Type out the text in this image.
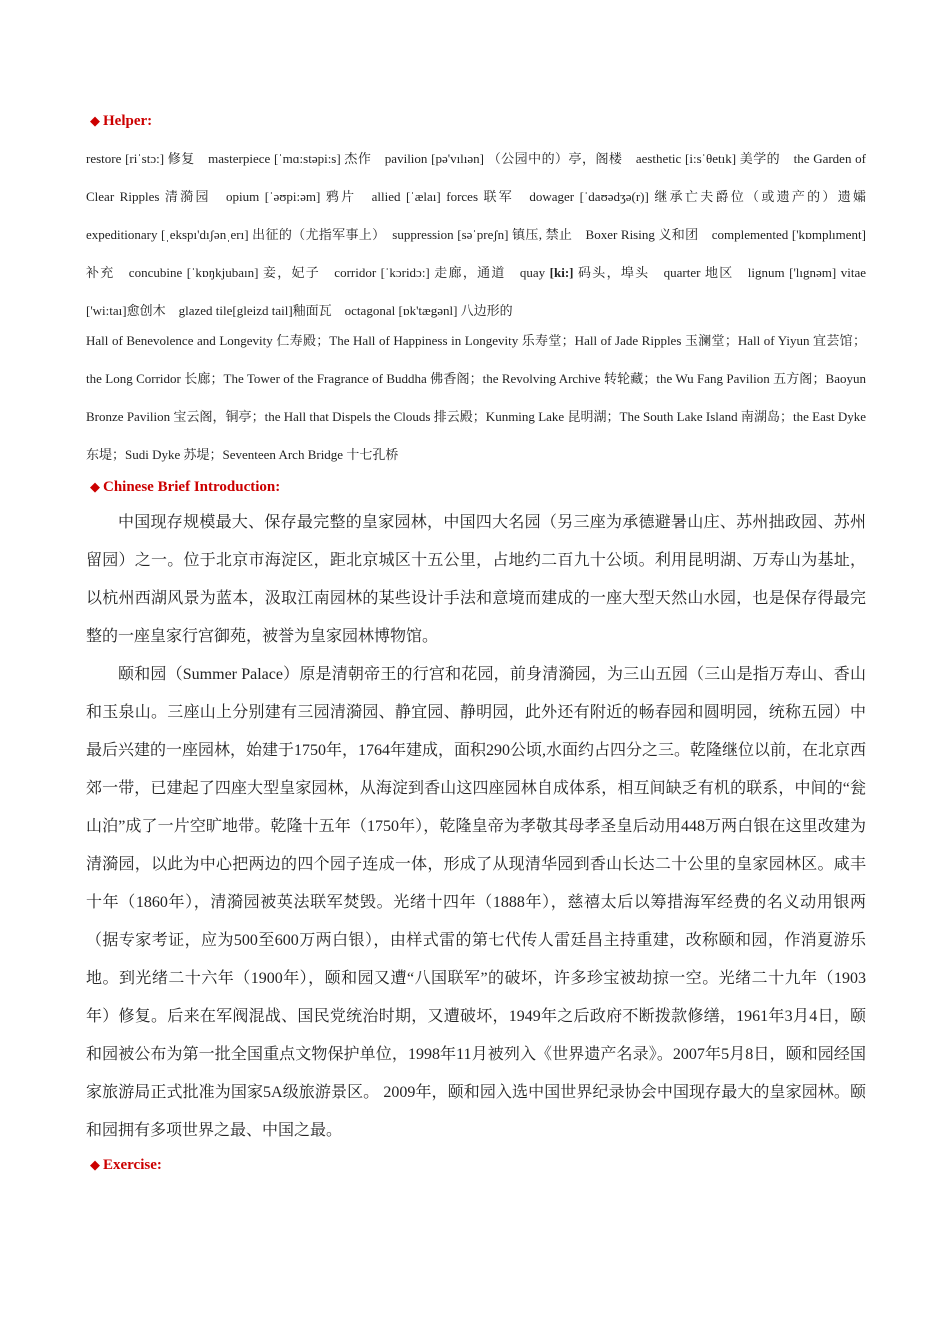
◆ Helper:
restore [riˈstɔ:] 修复　masterpiece [ˈmɑ:stəpi:s] 杰作　pavilion [pə'vılıən] （公园中的）亭，阁楼　aesthetic [i:sˈθetık] 美学的　the Garden of Clear Ripples 清漪园　opium [ˈəʊpi:əm] 鸦片　allied [ˈælaı] forces 联军　dowager [ˈdaʊədʒə(r)] 继承亡夫爵位（或遗产的）遗孀　expeditionary [ˌekspı'dıʃənˌerı] 出征的（尤指军事上）　suppression [səˈpreʃn] 镇压, 禁止　Boxer Rising 义和团　complemented ['kɒmplıment] 补充　concubine [ˈkɒŋkjubaın] 妾，妃子　corridor [ˈkɔridɔ:] 走廊，通道　quay [ki:] 码头，埠头　quarter 地区　lignum ['lıgnəm] vitae ['wi:taı]愈创木　glazed tile[gleizd tail]釉面瓦　octagonal [ɒk'tægənl] 八边形的
Hall of Benevolence and Longevity 仁寿殿；The Hall of Happiness in Longevity 乐寿堂；Hall of Jade Ripples 玉澜堂；Hall of Yiyun 宜芸馆；the Long Corridor 长廊；The Tower of the Fragrance of Buddha 佛香阁；the Revolving Archive 转轮藏；the Wu Fang Pavilion 五方阁；Baoyun Bronze Pavilion 宝云阁，铜亭；the Hall that Dispels the Clouds 排云殿；Kunming Lake 昆明湖；The South Lake Island 南湖岛；the East Dyke 东堤；Sudi Dyke 苏堤；Seventeen Arch Bridge 十七孔桥
◆ Chinese Brief Introduction:

中国现存规模最大、保存最完整的皇家园林，中国四大名园（另三座为承德避暑山庄、苏州拙政园、苏州留园）之一。位于北京市海淀区，距北京城区十五公里，占地约二百九十公顷。利用昆明湖、万寿山为基址，以杭州西湖风景为蓝本，汲取江南园林的某些设计手法和意境而建成的一座大型天然山水园，也是保存得最完整的一座皇家行宫御苑，被誉为皇家园林博物馆。

颐和园（Summer Palace）原是清朝帝王的行宫和花园，前身清漪园，为三山五园（三山是指万寿山、香山和玉泉山。三座山上分别建有三园清漪园、静宜园、静明园，此外还有附近的畅春园和圆明园，统称五园）中最后兴建的一座园林，始建于1750年，1764年建成，面积290公顷,水面约占四分之三。乾隆继位以前，在北京西郊一带，已建起了四座大型皇家园林，从海淀到香山这四座园林自成体系，相互间缺乏有机的联系，中间的“瓮山泊”成了一片空旷地带。乾隆十五年（1750年），乾隆皇帝为孝敬其母孝圣皇后动用448万两白银在这里改建为清漪园，以此为中心把两边的四个园子连成一体，形成了从现清华园到香山长达二十公里的皇家园林区。咸丰十年（1860年），清漪园被英法联军焚毁。光绪十四年（1888年），慈禧太后以筹措海军经费的名义动用银两（据专家考证，应为500至600万两白银），由样式雷的第七代传人雷廷昌主持重建，改称颐和园，作消夏游乐地。到光绪二十六年（1900年），颐和园又遭“八国联军”的破坏，许多珍宝被劫掠一空。光绪二十九年（1903年）修复。后来在军阀混战、国民党统治时期，又遭破坏，1949年之后政府不断拨款修缮，1961年3月4日，颐和园被公布为第一批全国重点文物保护单位，1998年11月被列入《世界遗产名录》。2007年5月8日，颐和园经国家旅游局正式批准为国家5A级旅游景区。 2009年，颐和园入选中国世界纪录协会中国现存最大的皇家园林。颐和园拥有多项世界之最、中国之最。

◆ Exercise:
